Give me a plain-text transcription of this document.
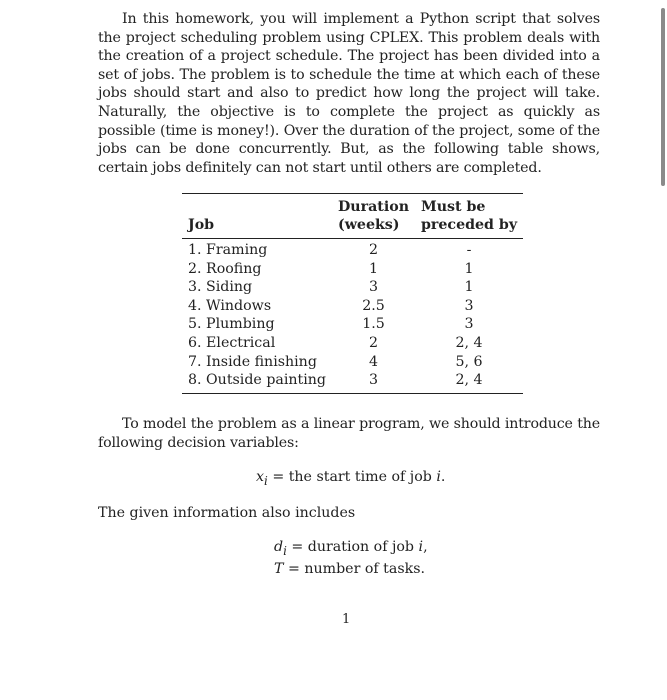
In this homework, you will implement a Python script that solves the project scheduling problem using CPLEX. This problem deals with the creation of a project schedule. The project has been divided into a set of jobs. The problem is to schedule the time at which each of these jobs should start and also to predict how long the project will take. Naturally, the objective is to complete the project as quickly as possible (time is money!). Over the duration of the project, some of the jobs can be done concurrently. But, as the following table shows, certain jobs definitely can not start until others are completed.

	Duration	Must be
Job	(weeks)	preceded by
1. Framing	2	-
2. Roofing	1	1
3. Siding	3	1
4. Windows	2.5	3
5. Plumbing	1.5	3
6. Electrical	2	2, 4
7. Inside finishing	4	5, 6
8. Outside painting	3	2, 4

To model the problem as a linear program, we should introduce the following decision variables:

$x_i$ = the start time of job i.

The given information also includes

$d_i$ = duration of job i,
T = number of tasks.
1
